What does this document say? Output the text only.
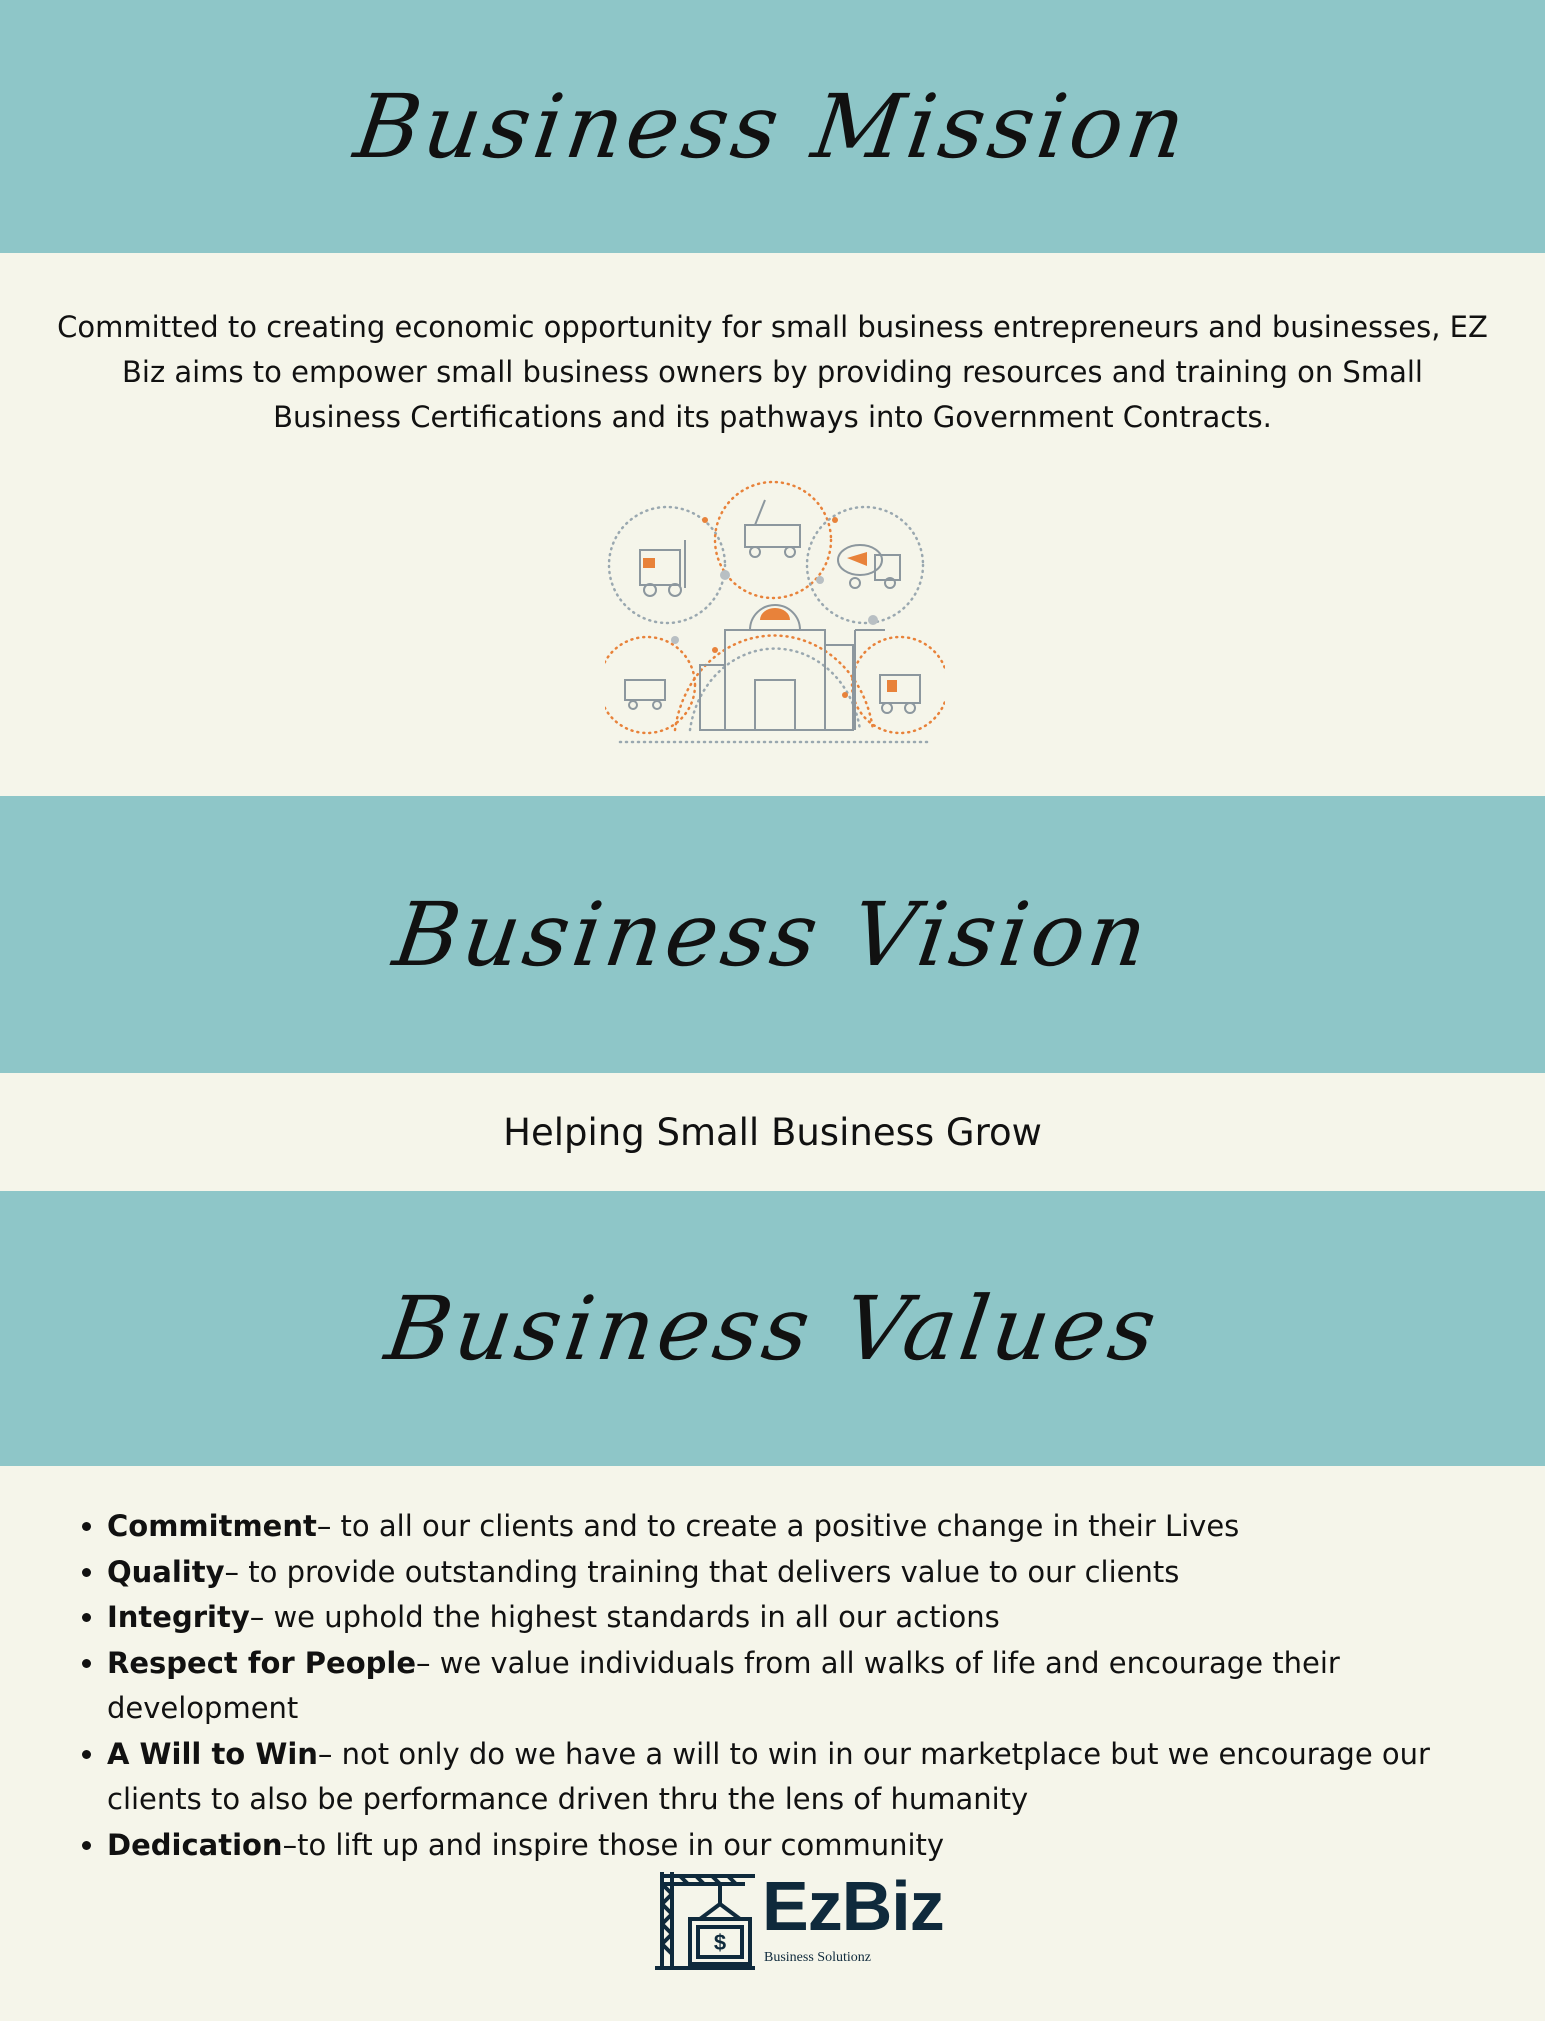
Business Mission
Committed to creating economic opportunity for small business entrepreneurs and businesses, EZ Biz aims to empower small business owners by providing resources and training on Small Business Certifications and its pathways into Government Contracts.
Business Vision
Helping Small Business Grow
Business Values
• Commitment– to all our clients and to create a positive change in their Lives
• Quality– to provide outstanding training that delivers value to our clients
• Integrity– we uphold the highest standards in all our actions
• Respect for People– we value individuals from all walks of life and encourage their development
• A Will to Win– not only do we have a will to win in our marketplace but we encourage our clients to also be performance driven thru the lens of humanity
• Dedication–to lift up and inspire those in our community
$ EzBiz
Business Solutionz
